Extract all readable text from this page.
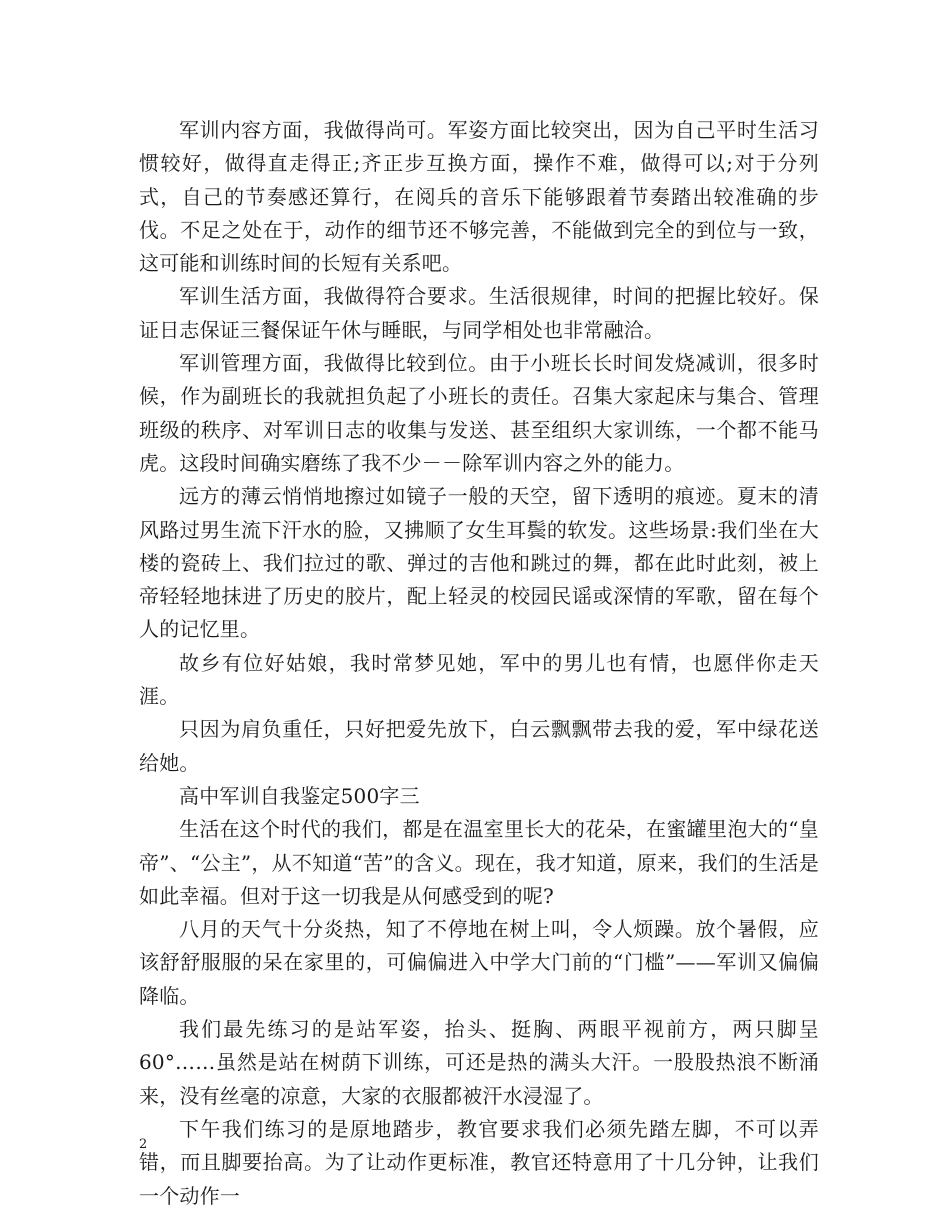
军训内容方面，我做得尚可。军姿方面比较突出，因为自己平时生活习惯较好，做得直走得正;齐正步互换方面，操作不难，做得可以;对于分列式，自己的节奏感还算行，在阅兵的音乐下能够跟着节奏踏出较准确的步伐。不足之处在于，动作的细节还不够完善，不能做到完全的到位与一致，这可能和训练时间的长短有关系吧。

军训生活方面，我做得符合要求。生活很规律，时间的把握比较好。保证日志保证三餐保证午休与睡眠，与同学相处也非常融洽。

军训管理方面，我做得比较到位。由于小班长长时间发烧减训，很多时候，作为副班长的我就担负起了小班长的责任。召集大家起床与集合、管理班级的秩序、对军训日志的收集与发送、甚至组织大家训练，一个都不能马虎。这段时间确实磨练了我不少－－除军训内容之外的能力。

远方的薄云悄悄地擦过如镜子一般的天空，留下透明的痕迹。夏末的清风路过男生流下汗水的脸，又拂顺了女生耳鬓的软发。这些场景:我们坐在大楼的瓷砖上、我们拉过的歌、弹过的吉他和跳过的舞，都在此时此刻，被上帝轻轻地抹进了历史的胶片，配上轻灵的校园民谣或深情的军歌，留在每个人的记忆里。

故乡有位好姑娘，我时常梦见她，军中的男儿也有情，也愿伴你走天涯。

只因为肩负重任，只好把爱先放下，白云飘飘带去我的爱，军中绿花送给她。

高中军训自我鉴定500字三

生活在这个时代的我们，都是在温室里长大的花朵，在蜜罐里泡大的“皇帝”、“公主”，从不知道“苦”的含义。现在，我才知道，原来，我们的生活是如此幸福。但对于这一切我是从何感受到的呢?

八月的天气十分炎热，知了不停地在树上叫，令人烦躁。放个暑假，应该舒舒服服的呆在家里的，可偏偏进入中学大门前的“门槛”——军训又偏偏降临。

我们最先练习的是站军姿，抬头、挺胸、两眼平视前方，两只脚呈60°……虽然是站在树荫下训练，可还是热的满头大汗。一股股热浪不断涌来，没有丝毫的凉意，大家的衣服都被汗水浸湿了。

下午我们练习的是原地踏步，教官要求我们必须先踏左脚，不可以弄错，而且脚要抬高。为了让动作更标准，教官还特意用了十几分钟，让我们一个动作一

2
